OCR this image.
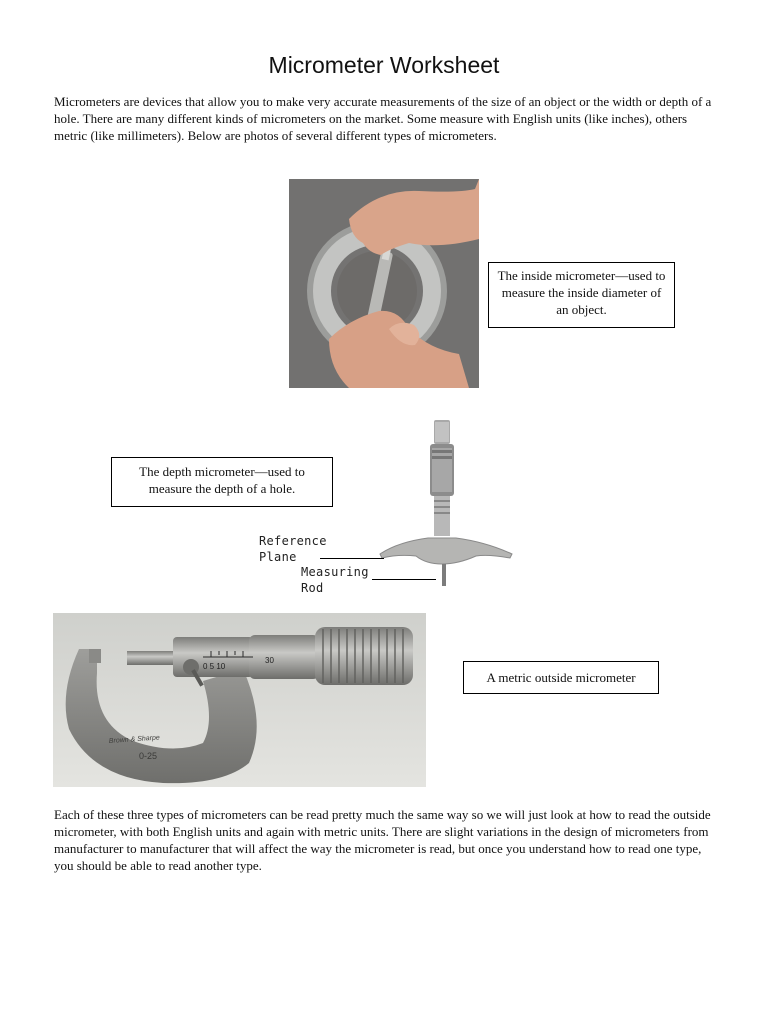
Micrometer Worksheet

Micrometers are devices that allow you to make very accurate measurements of the size of an object or the width or depth of a hole. There are many different kinds of micrometers on the market. Some measure with English units (like inches), others metric (like millimeters). Below are photos of several different types of micrometers.

The inside micrometer—used to measure the inside diameter of an object.
The depth micrometer—used to measure the depth of a hole.
Reference
Plane
Measuring
Rod
0 5 10
30
Brown & Sharpe
0-25
A metric outside micrometer

Each of these three types of micrometers can be read pretty much the same way so we will just look at how to read the outside micrometer, with both English units and again with metric units. There are slight variations in the design of micrometers from manufacturer to manufacturer that will affect the way the micrometer is read, but once you understand how to read one type, you should be able to read another type.
